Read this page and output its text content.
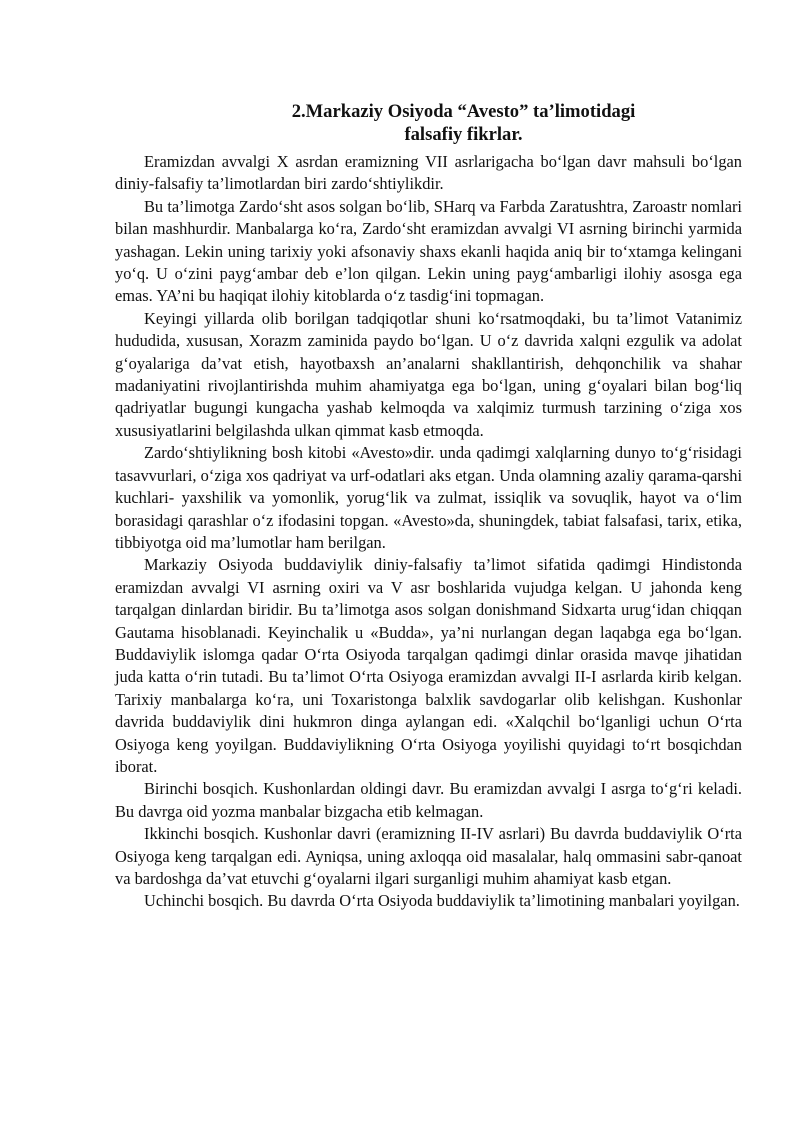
2.Markaziy Osiyoda “Avesto” ta’limotidagi
falsafiy fikrlar.

Eramizdan avvalgi X asrdan eramizning VII asrlarigacha bo‘lgan davr mahsuli bo‘lgan diniy-falsafiy ta’limotlardan biri zardo‘shtiylikdir.

Bu ta’limotga Zardo‘sht asos solgan bo‘lib, SHarq va Farbda Zaratushtra, Zaroastr nomlari bilan mashhurdir. Manbalarga ko‘ra, Zardo‘sht eramizdan avvalgi VI asrning birinchi yarmida yashagan. Lekin uning tarixiy yoki afsonaviy shaxs ekanli haqida aniq bir to‘xtamga kelingani yo‘q. U o‘zini payg‘ambar deb e’lon qilgan. Lekin uning payg‘ambarligi ilohiy asosga ega emas. YA’ni bu haqiqat ilohiy kitoblarda o‘z tasdig‘ini topmagan.

Keyingi yillarda olib borilgan tadqiqotlar shuni ko‘rsatmoqdaki, bu ta’limot Vatanimiz hududida, xususan, Xorazm zaminida paydo bo‘lgan. U o‘z davrida xalqni ezgulik va adolat g‘oyalariga da’vat etish, hayotbaxsh an’analarni shakllantirish, dehqonchilik va shahar madaniyatini rivojlantirishda muhim ahamiyatga ega bo‘lgan, uning g‘oyalari bilan bog‘liq qadriyatlar bugungi kungacha yashab kelmoqda va xalqimiz turmush tarzining o‘ziga xos xususiyatlarini belgilashda ulkan qimmat kasb etmoqda.

Zardo‘shtiylikning bosh kitobi «Avesto»dir. unda qadimgi xalqlarning dunyo to‘g‘risidagi tasavvurlari, o‘ziga xos qadriyat va urf-odatlari aks etgan. Unda olamning azaliy qarama-qarshi kuchlari- yaxshilik va yomonlik, yorug‘lik va zulmat, issiqlik va sovuqlik, hayot va o‘lim borasidagi qarashlar o‘z ifodasini topgan. «Avesto»da, shuningdek, tabiat falsafasi, tarix, etika, tibbiyotga oid ma’lumotlar ham berilgan.

Markaziy Osiyoda buddaviylik diniy-falsafiy ta’limot sifatida qadimgi Hindistonda eramizdan avvalgi VI asrning oxiri va V asr boshlarida vujudga kelgan. U jahonda keng tarqalgan dinlardan biridir. Bu ta’limotga asos solgan donishmand Sidxarta urug‘idan chiqqan Gautama hisoblanadi. Keyinchalik u «Budda», ya’ni nurlangan degan laqabga ega bo‘lgan. Buddaviylik islomga qadar O‘rta Osiyoda tarqalgan qadimgi dinlar orasida mavqe jihatidan juda katta o‘rin tutadi. Bu ta’limot O‘rta Osiyoga eramizdan avvalgi II-I asrlarda kirib kelgan. Tarixiy manbalarga ko‘ra, uni Toxaristonga balxlik savdogarlar olib kelishgan. Kushonlar davrida buddaviylik dini hukmron dinga aylangan edi. «Xalqchil bo‘lganligi uchun O‘rta Osiyoga keng yoyilgan. Buddaviylikning O‘rta Osiyoga yoyilishi quyidagi to‘rt bosqichdan iborat.

Birinchi bosqich. Kushonlardan oldingi davr. Bu eramizdan avvalgi I asrga to‘g‘ri keladi. Bu davrga oid yozma manbalar bizgacha etib kelmagan.

Ikkinchi bosqich. Kushonlar davri (eramizning II-IV asrlari) Bu davrda buddaviylik O‘rta Osiyoga keng tarqalgan edi. Ayniqsa, uning axloqqa oid masalalar, halq ommasini sabr-qanoat va bardoshga da’vat etuvchi g‘oyalarni ilgari surganligi muhim ahamiyat kasb etgan.

Uchinchi bosqich. Bu davrda O‘rta Osiyoda buddaviylik ta’limotining manbalari yoyilgan.
